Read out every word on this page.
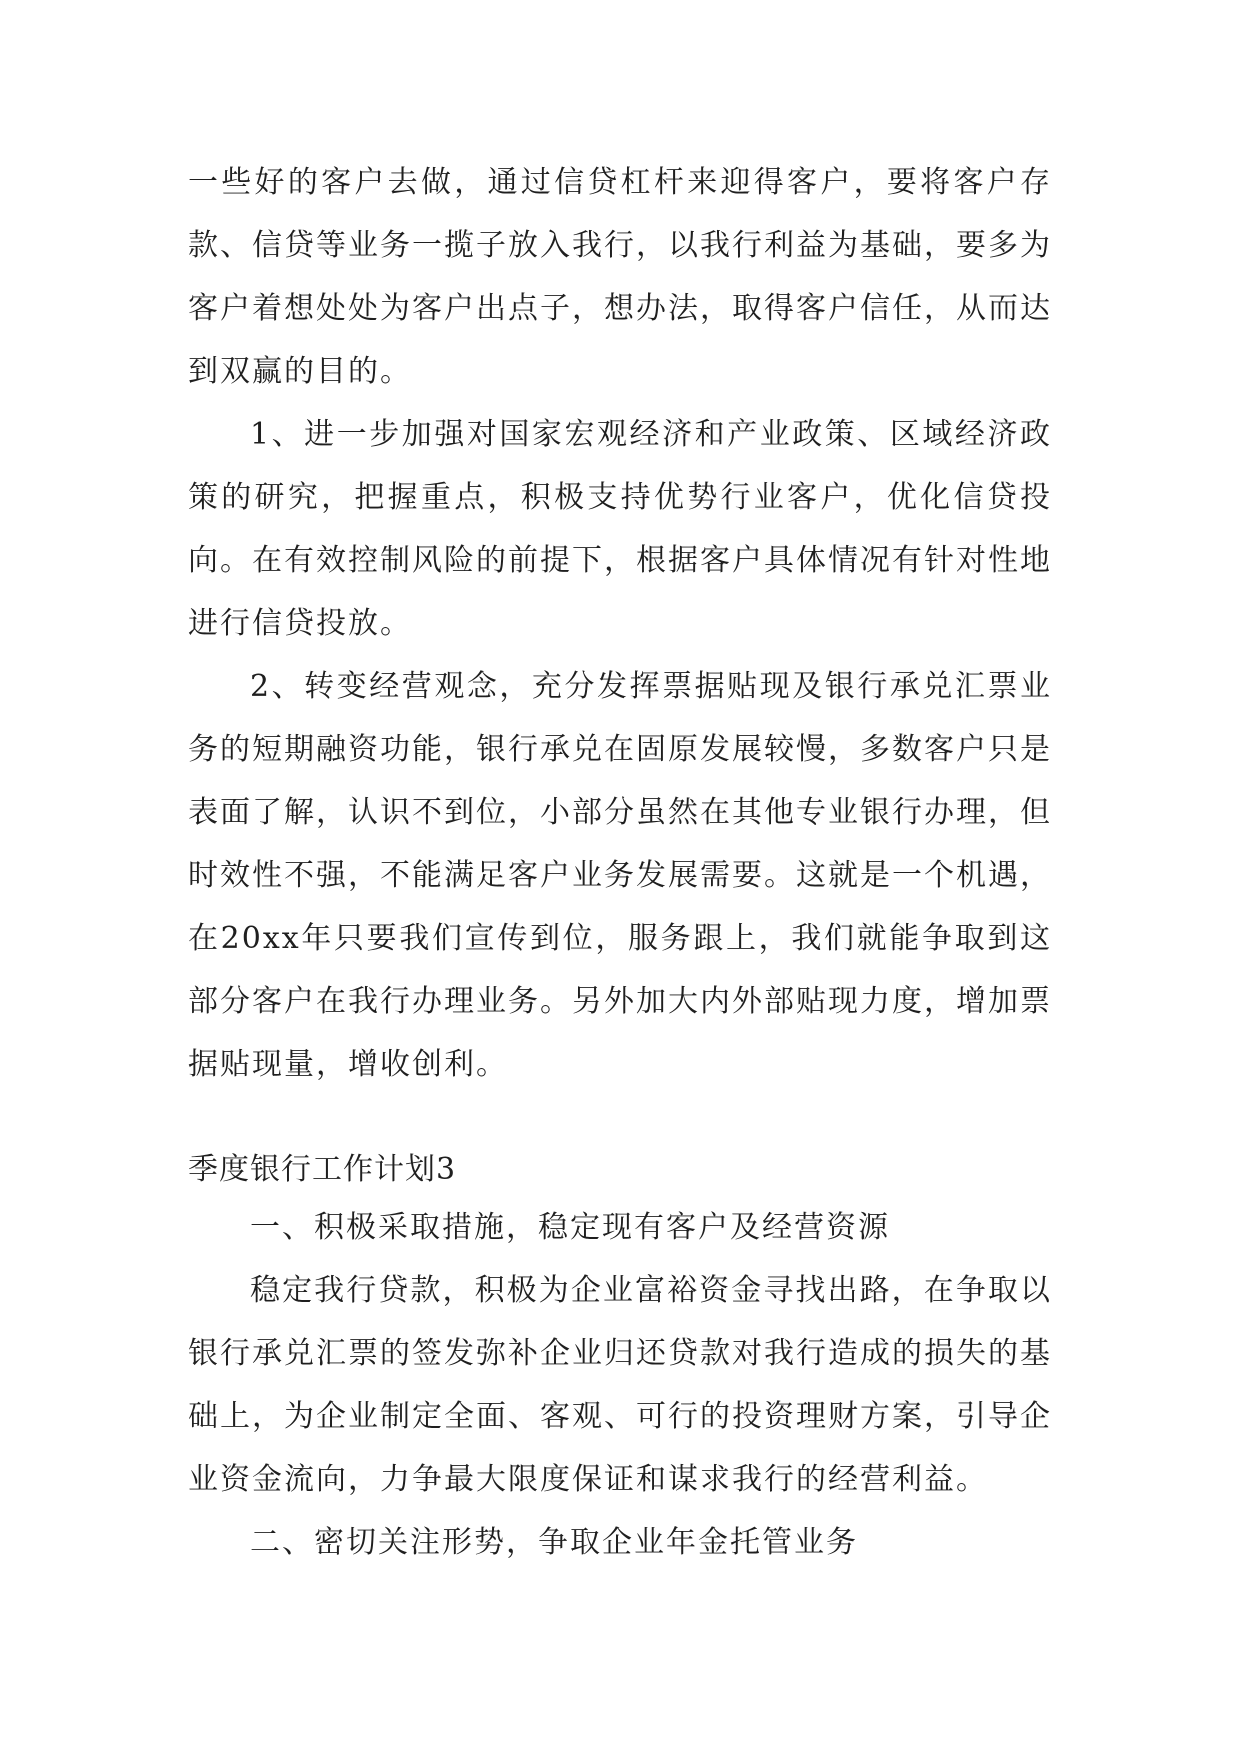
一些好的客户去做，通过信贷杠杆来迎得客户，要将客户存款、信贷等业务一揽子放入我行，以我行利益为基础，要多为客户着想处处为客户出点子，想办法，取得客户信任，从而达到双赢的目的。

1、进一步加强对国家宏观经济和产业政策、区域经济政策的研究，把握重点，积极支持优势行业客户，优化信贷投向。在有效控制风险的前提下，根据客户具体情况有针对性地进行信贷投放。

2、转变经营观念，充分发挥票据贴现及银行承兑汇票业务的短期融资功能，银行承兑在固原发展较慢，多数客户只是表面了解，认识不到位，小部分虽然在其他专业银行办理，但时效性不强，不能满足客户业务发展需要。这就是一个机遇，在20xx年只要我们宣传到位，服务跟上，我们就能争取到这部分客户在我行办理业务。另外加大内外部贴现力度，增加票据贴现量，增收创利。

季度银行工作计划3

一、积极采取措施，稳定现有客户及经营资源

稳定我行贷款，积极为企业富裕资金寻找出路，在争取以银行承兑汇票的签发弥补企业归还贷款对我行造成的损失的基础上，为企业制定全面、客观、可行的投资理财方案，引导企业资金流向，力争最大限度保证和谋求我行的经营利益。

二、密切关注形势，争取企业年金托管业务
